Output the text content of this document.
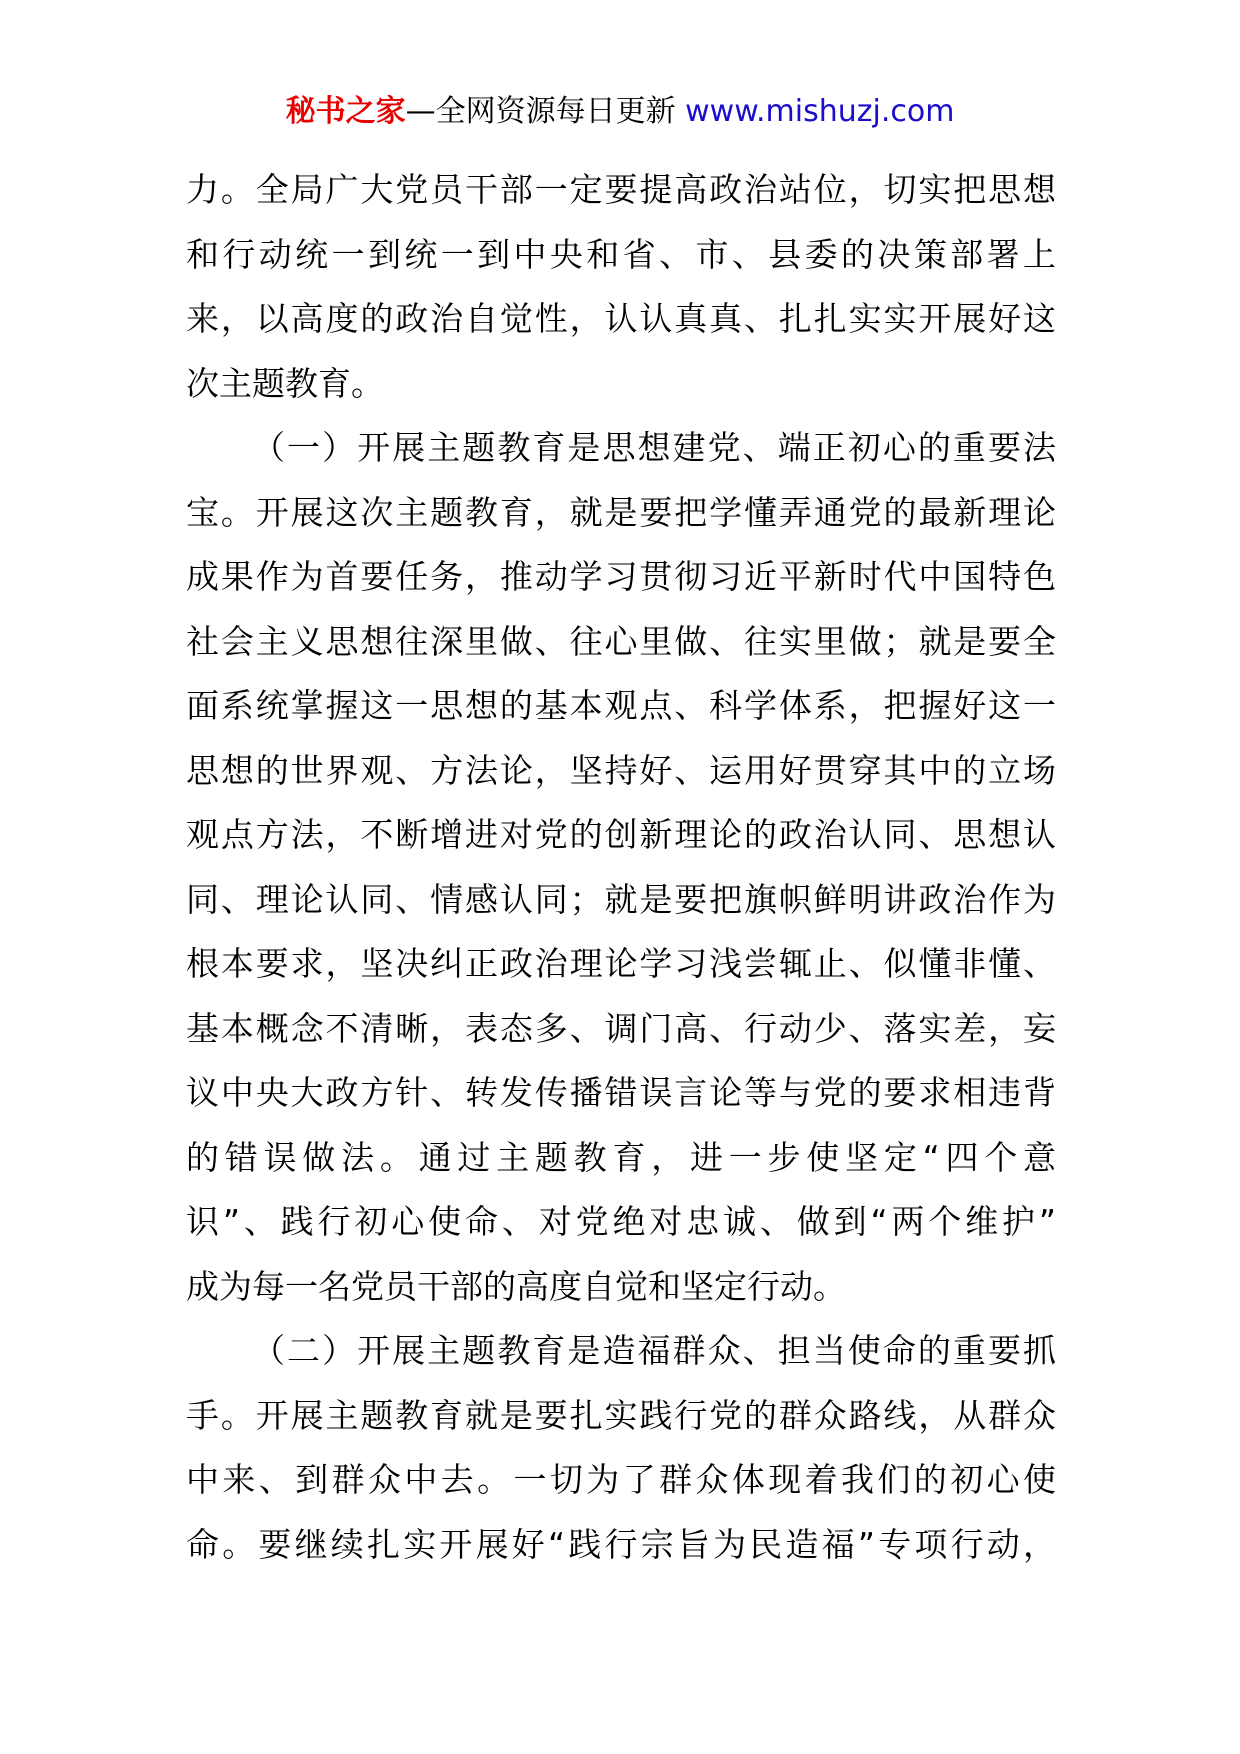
秘书之家—全网资源每日更新 www.mishuzj.com
力。全局广大党员干部一定要提高政治站位，切实把思想
和行动统一到统一到中央和省、市、县委的决策部署上
来，以高度的政治自觉性，认认真真、扎扎实实开展好这
次主题教育。
（一）开展主题教育是思想建党、端正初心的重要法
宝。开展这次主题教育，就是要把学懂弄通党的最新理论
成果作为首要任务，推动学习贯彻习近平新时代中国特色
社会主义思想往深里做、往心里做、往实里做；就是要全
面系统掌握这一思想的基本观点、科学体系，把握好这一
思想的世界观、方法论，坚持好、运用好贯穿其中的立场
观点方法，不断增进对党的创新理论的政治认同、思想认
同、理论认同、情感认同；就是要把旗帜鲜明讲政治作为
根本要求，坚决纠正政治理论学习浅尝辄止、似懂非懂、
基本概念不清晰，表态多、调门高、行动少、落实差，妄
议中央大政方针、转发传播错误言论等与党的要求相违背
的错误做法。通过主题教育，进一步使坚定“四个意
识”、践行初心使命、对党绝对忠诚、做到“两个维护”
成为每一名党员干部的高度自觉和坚定行动。
（二）开展主题教育是造福群众、担当使命的重要抓
手。开展主题教育就是要扎实践行党的群众路线，从群众
中来、到群众中去。一切为了群众体现着我们的初心使
命。要继续扎实开展好“践行宗旨为民造福”专项行动，
